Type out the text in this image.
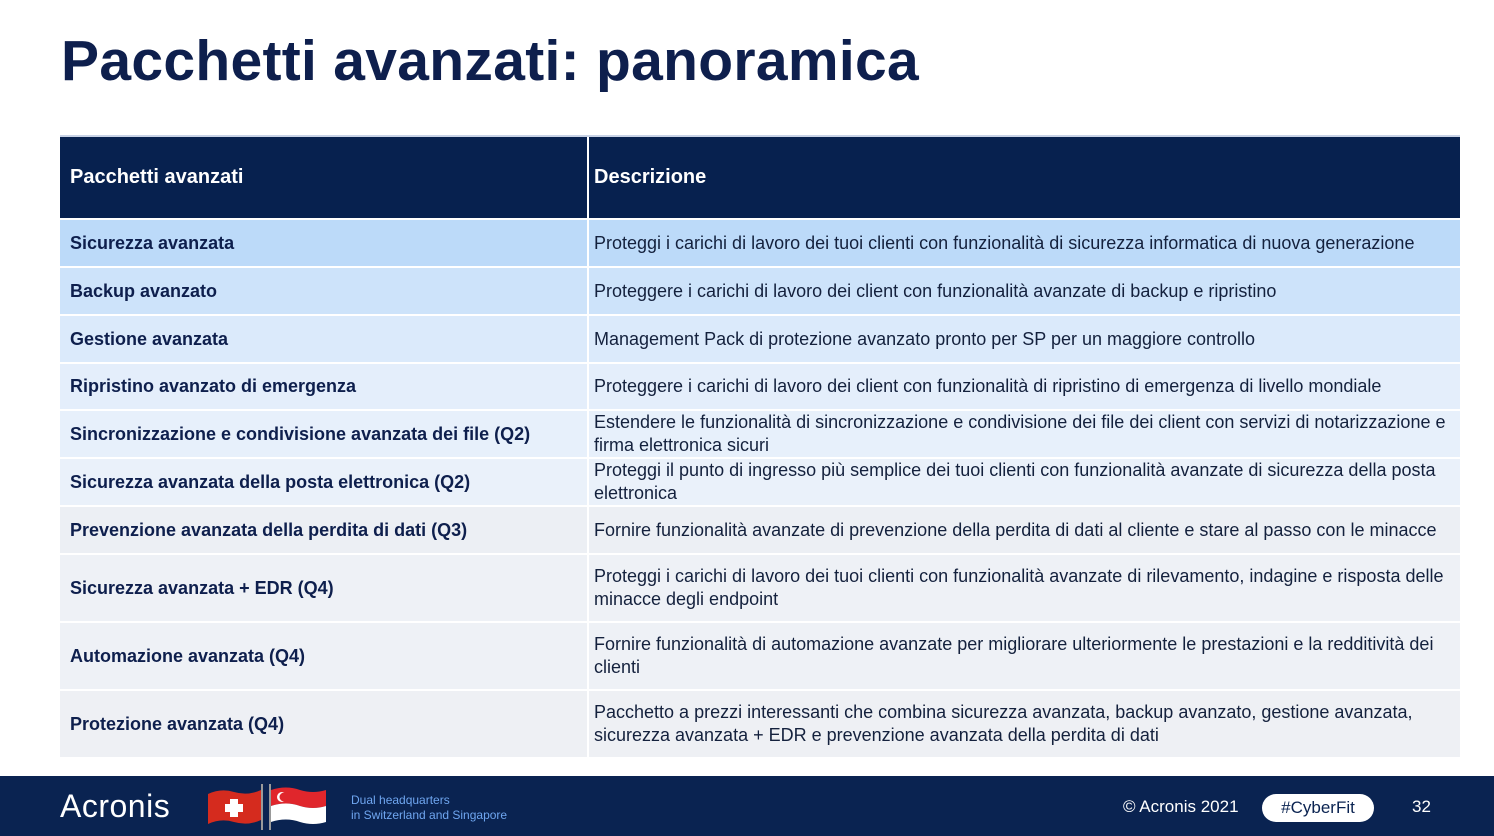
Pacchetti avanzati: panoramica
Pacchetti avanzati	Descrizione
Sicurezza avanzata	Proteggi i carichi di lavoro dei tuoi clienti con funzionalità di sicurezza informatica di nuova generazione
Backup avanzato	Proteggere i carichi di lavoro dei client con funzionalità avanzate di backup e ripristino
Gestione avanzata	Management Pack di protezione avanzato pronto per SP per un maggiore controllo
Ripristino avanzato di emergenza	Proteggere i carichi di lavoro dei client con funzionalità di ripristino di emergenza di livello mondiale
Sincronizzazione e condivisione avanzata dei file (Q2)	Estendere le funzionalità di sincronizzazione e condivisione dei file dei client con servizi di notarizzazione e firma elettronica sicuri
Sicurezza avanzata della posta elettronica (Q2)	Proteggi il punto di ingresso più semplice dei tuoi clienti con funzionalità avanzate di sicurezza della posta elettronica
Prevenzione avanzata della perdita di dati (Q3)	Fornire funzionalità avanzate di prevenzione della perdita di dati al cliente e stare al passo con le minacce
Sicurezza avanzata + EDR (Q4)	Proteggi i carichi di lavoro dei tuoi clienti con funzionalità avanzate di rilevamento, indagine e risposta delle minacce degli endpoint
Automazione avanzata (Q4)	Fornire funzionalità di automazione avanzate per migliorare ulteriormente le prestazioni e la redditività dei clienti
Protezione avanzata (Q4)	Pacchetto a prezzi interessanti che combina sicurezza avanzata, backup avanzato, gestione avanzata, sicurezza avanzata + EDR e prevenzione avanzata della perdita di dati
Acronis	Dual headquarters
in Switzerland and Singapore	© Acronis 2021	#CyberFit	32
